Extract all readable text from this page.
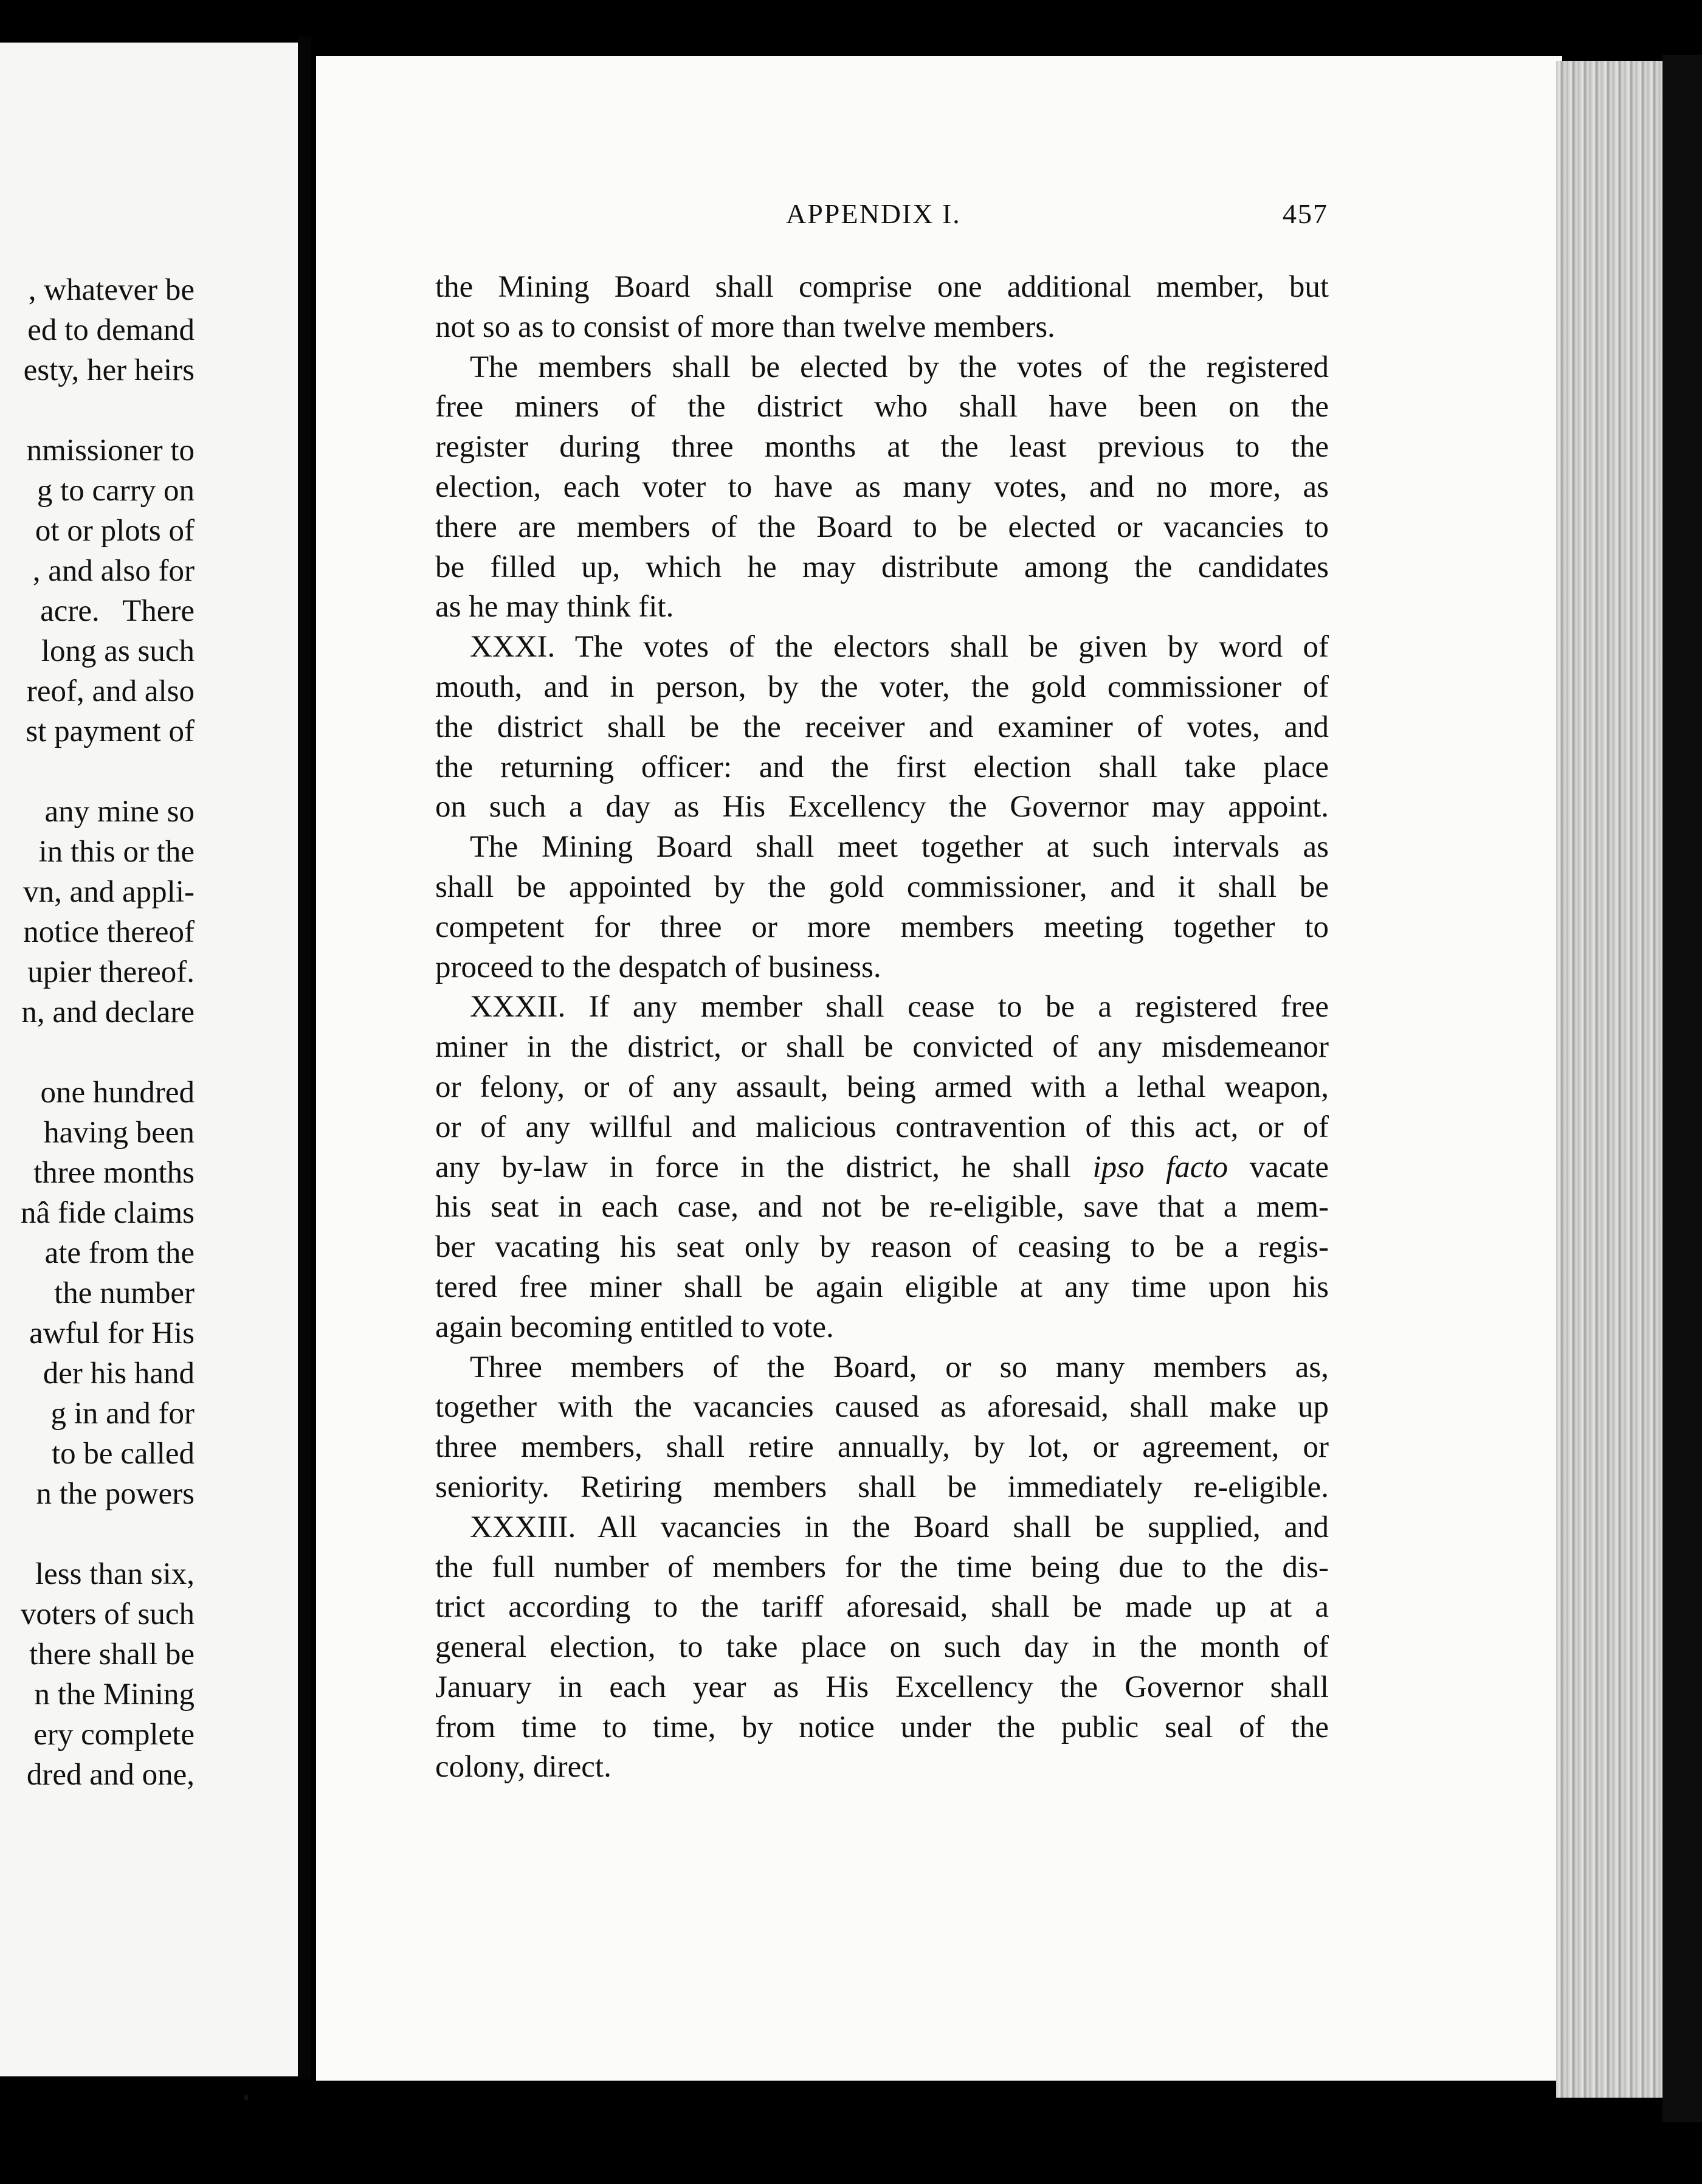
, whatever be
ed to demand
esty, her heirs
nmissioner to
g to carry on
ot or plots of
, and also for
acre.   There
long as such
reof, and also
st payment of
any mine so
in this or the
vn, and appli-
notice thereof
upier thereof.
n, and declare
one hundred
having been
three months
nâ fide claims
ate from the
the number
awful for His
der his hand
g in and for
to be called
n the powers
less than six,
voters of such
there shall be
n the Mining
ery complete
dred and one,
APPENDIX I.	457
the Mining Board shall comprise one additional member, but
not so as to consist of more than twelve members.
The members shall be elected by the votes of the registered
free miners of the district who shall have been on the
register during three months at the least previous to the
election, each voter to have as many votes, and no more, as
there are members of the Board to be elected or vacancies to
be filled up, which he may distribute among the candidates
as he may think fit.
XXXI. The votes of the electors shall be given by word of
mouth, and in person, by the voter, the gold commissioner of
the district shall be the receiver and examiner of votes, and
the returning officer: and the first election shall take place
on such a day as His Excellency the Governor may appoint.
The Mining Board shall meet together at such intervals as
shall be appointed by the gold commissioner, and it shall be
competent for three or more members meeting together to
proceed to the despatch of business.
XXXII. If any member shall cease to be a registered free
miner in the district, or shall be convicted of any misdemeanor
or felony, or of any assault, being armed with a lethal weapon,
or of any willful and malicious contravention of this act, or of
any by-law in force in the district, he shall ipso facto vacate
his seat in each case, and not be re-eligible, save that a mem-
ber vacating his seat only by reason of ceasing to be a regis-
tered free miner shall be again eligible at any time upon his
again becoming entitled to vote.
Three members of the Board, or so many members as,
together with the vacancies caused as aforesaid, shall make up
three members, shall retire annually, by lot, or agreement, or
seniority. Retiring members shall be immediately re-eligible.
XXXIII. All vacancies in the Board shall be supplied, and
the full number of members for the time being due to the dis-
trict according to the tariff aforesaid, shall be made up at a
general election, to take place on such day in the month of
January in each year as His Excellency the Governor shall
from time to time, by notice under the public seal of the
colony, direct.
